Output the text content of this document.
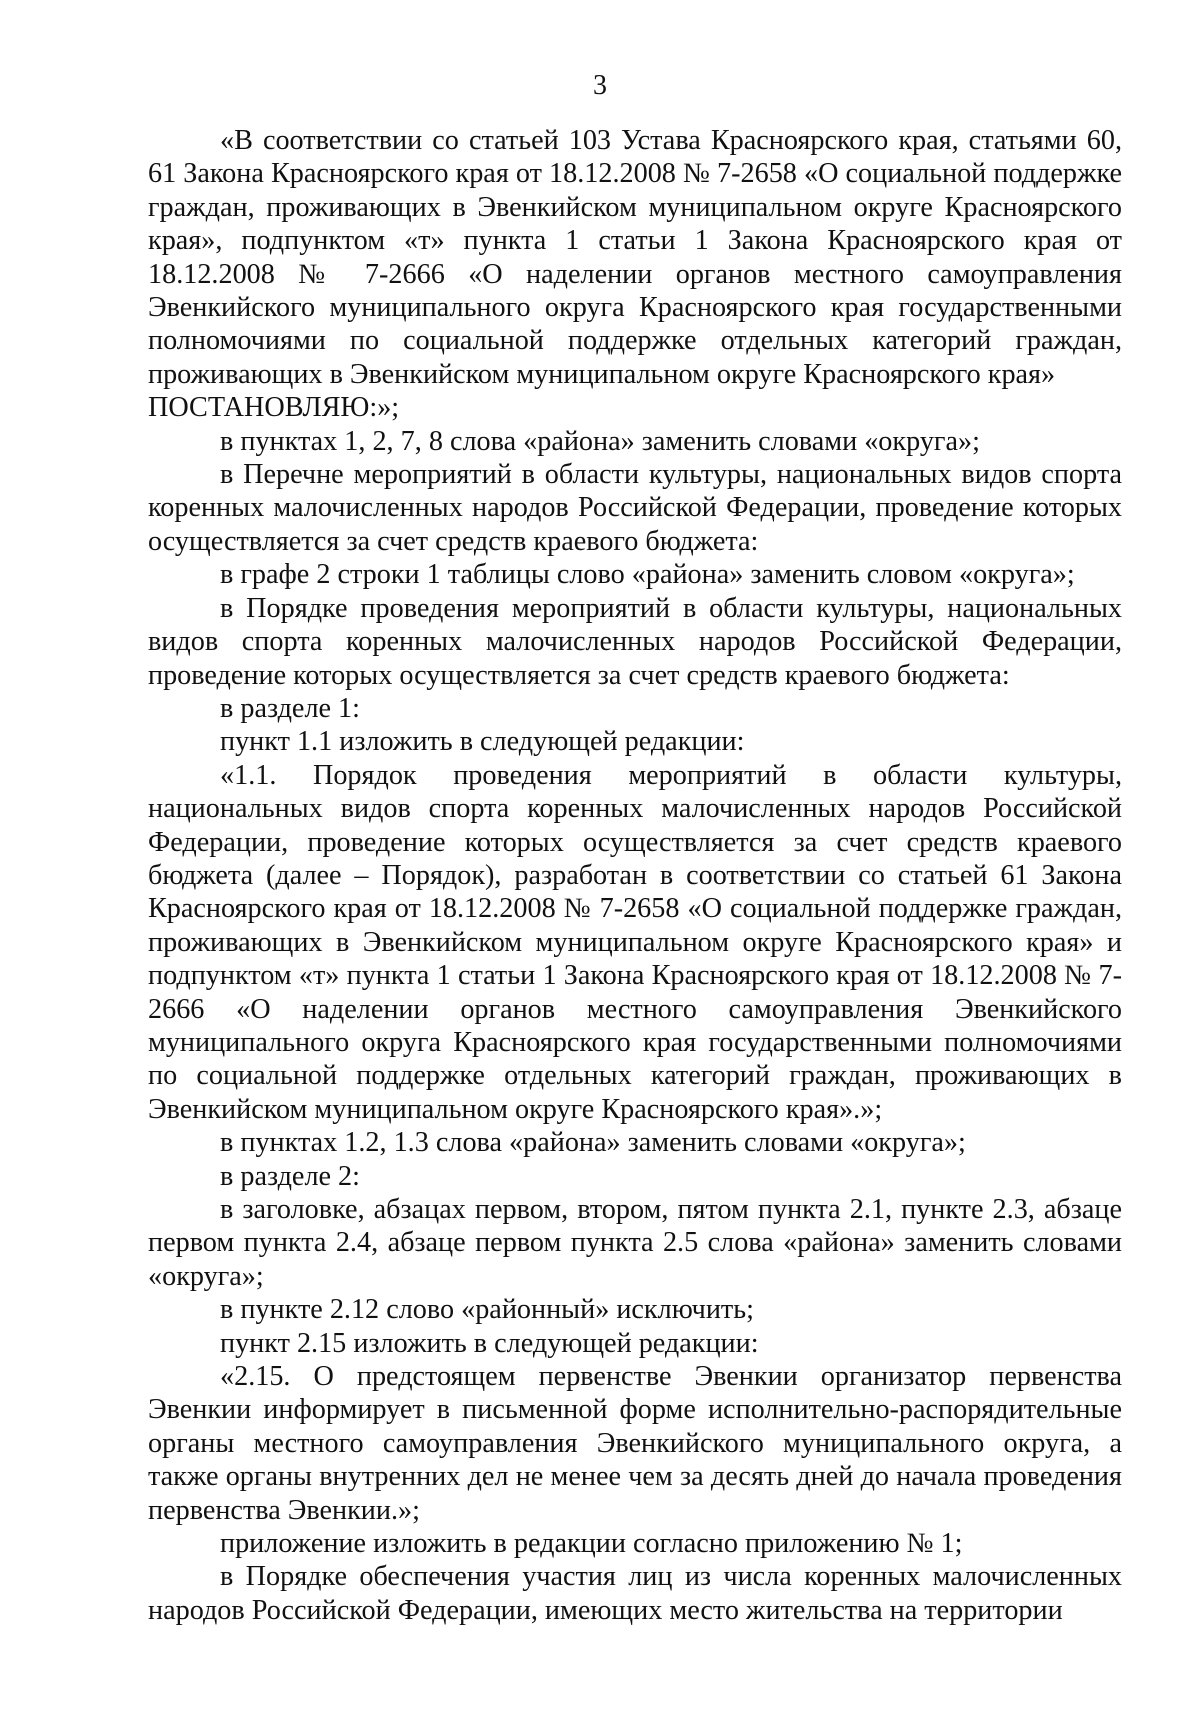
3

«В соответствии со статьей 103 Устава Красноярского края, статьями 60, 61 Закона Красноярского края от 18.12.2008 № 7-2658 «О социальной поддержке граждан, проживающих в Эвенкийском муниципальном округе Красноярского края», подпунктом «т» пункта 1 статьи 1 Закона Красноярского края от 18.12.2008 № 7-2666 «О наделении органов местного самоуправления Эвенкийского муниципального округа Красноярского края государственными полномочиями по социальной поддержке отдельных категорий граждан, проживающих в Эвенкийском муниципальном округе Красноярского края»

ПОСТАНОВЛЯЮ:»;

в пунктах 1, 2, 7, 8 слова «района» заменить словами «округа»;

в Перечне мероприятий в области культуры, национальных видов спорта коренных малочисленных народов Российской Федерации, проведение которых осуществляется за счет средств краевого бюджета:

в графе 2 строки 1 таблицы слово «района» заменить словом «округа»;

в Порядке проведения мероприятий в области культуры, национальных видов спорта коренных малочисленных народов Российской Федерации, проведение которых осуществляется за счет средств краевого бюджета:

в разделе 1:

пункт 1.1 изложить в следующей редакции:

«1.1. Порядок проведения мероприятий в области культуры, национальных видов спорта коренных малочисленных народов Российской Федерации, проведение которых осуществляется за счет средств краевого бюджета (далее – Порядок), разработан в соответствии со статьей 61 Закона Красноярского края от 18.12.2008 № 7-2658 «О социальной поддержке граждан, проживающих в Эвенкийском муниципальном округе Красноярского края» и подпунктом «т» пункта 1 статьи 1 Закона Красноярского края от 18.12.2008 № 7-2666 «О наделении органов местного самоуправления Эвенкийского муниципального округа Красноярского края государственными полномочиями по социальной поддержке отдельных категорий граждан, проживающих в Эвенкийском муниципальном округе Красноярского края».»;

в пунктах 1.2, 1.3 слова «района» заменить словами «округа»;

в разделе 2:

в заголовке, абзацах первом, втором, пятом пункта 2.1, пункте 2.3, абзаце первом пункта 2.4, абзаце первом пункта 2.5 слова «района» заменить словами «округа»;

в пункте 2.12 слово «районный» исключить;

пункт 2.15 изложить в следующей редакции:

«2.15. О предстоящем первенстве Эвенкии организатор первенства Эвенкии информирует в письменной форме исполнительно-распорядительные органы местного самоуправления Эвенкийского муниципального округа, а также органы внутренних дел не менее чем за десять дней до начала проведения первенства Эвенкии.»;

приложение изложить в редакции согласно приложению № 1;

в Порядке обеспечения участия лиц из числа коренных малочисленных народов Российской Федерации, имеющих место жительства на территории
